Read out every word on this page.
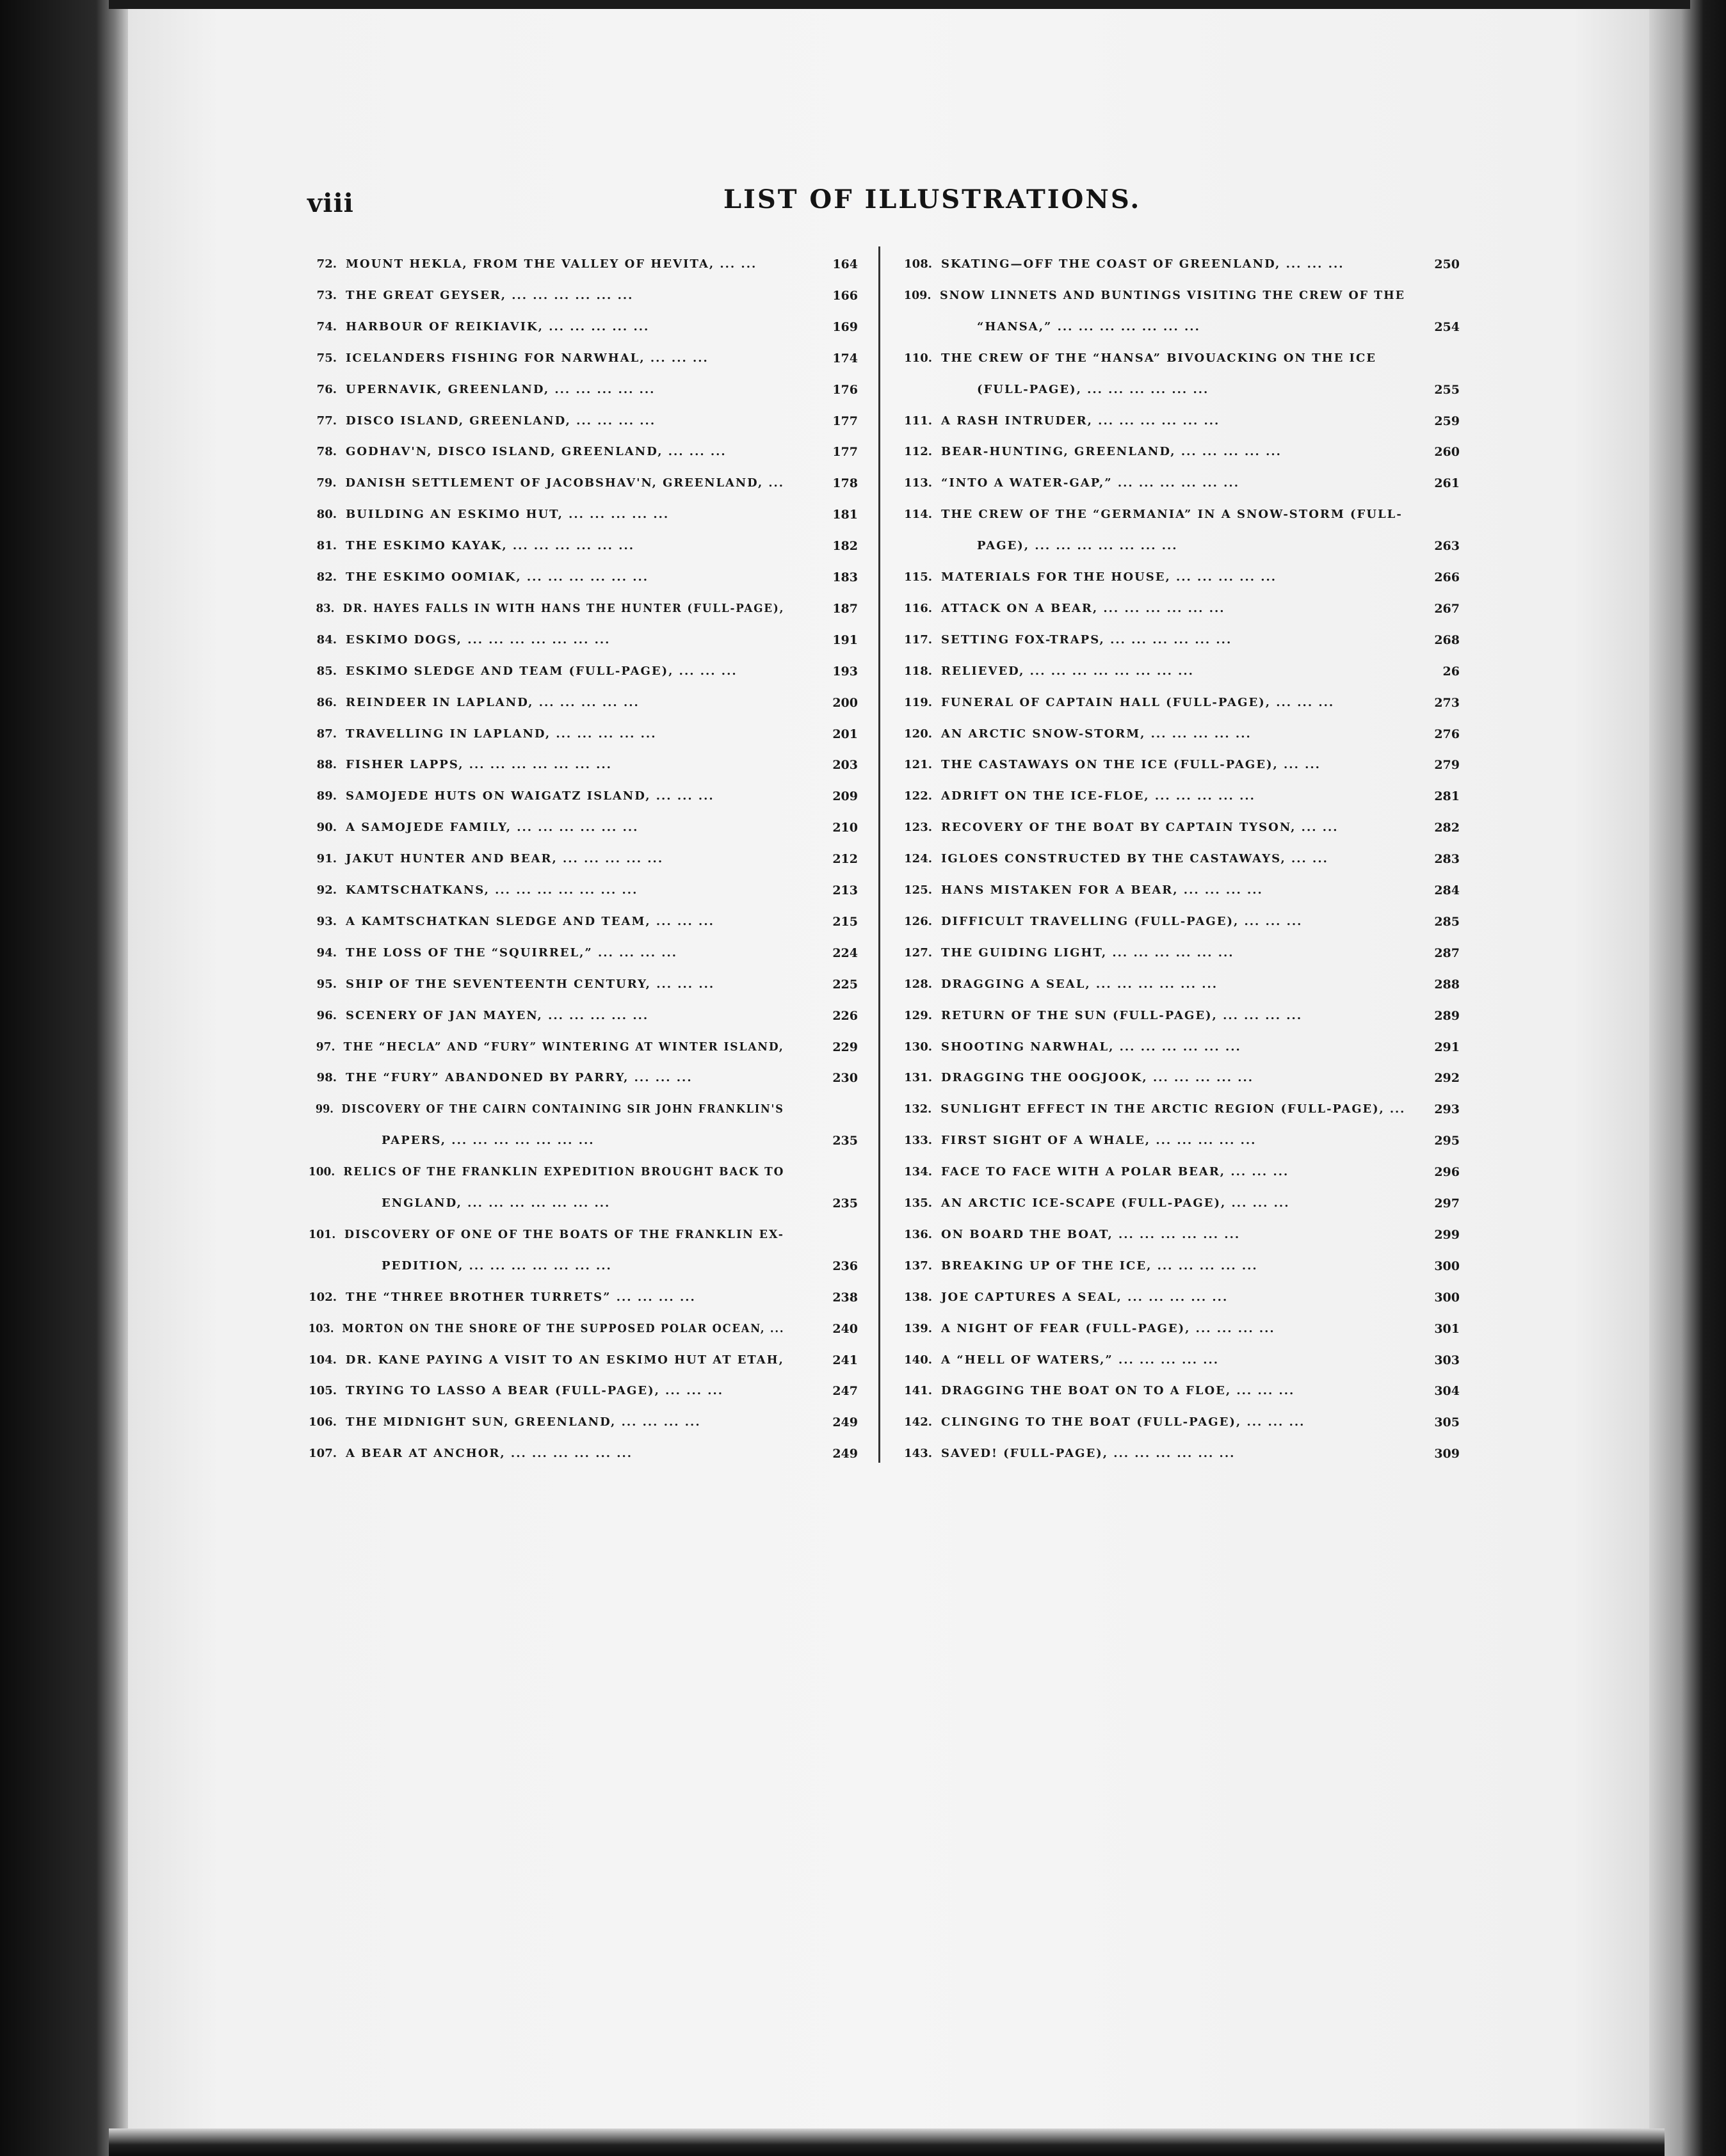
viii	LIST OF ILLUSTRATIONS.
72. MOUNT HEKLA, FROM THE VALLEY OF HEVITA, ... ...	164
73. THE GREAT GEYSER, ... ... ... ... ... ...	166
74. HARBOUR OF REIKIAVIK, ... ... ... ... ...	169
75. ICELANDERS FISHING FOR NARWHAL, ... ... ...	174
76. UPERNAVIK, GREENLAND, ... ... ... ... ...	176
77. DISCO ISLAND, GREENLAND, ... ... ... ...	177
78. GODHAV'N, DISCO ISLAND, GREENLAND, ... ... ...	177
79. DANISH SETTLEMENT OF JACOBSHAV'N, GREENLAND, ...	178
80. BUILDING AN ESKIMO HUT, ... ... ... ... ...	181
81. THE ESKIMO KAYAK, ... ... ... ... ... ...	182
82. THE ESKIMO OOMIAK, ... ... ... ... ... ...	183
83. DR. HAYES FALLS IN WITH HANS THE HUNTER (FULL-PAGE),	187
84. ESKIMO DOGS, ... ... ... ... ... ... ...	191
85. ESKIMO SLEDGE AND TEAM (FULL-PAGE), ... ... ...	193
86. REINDEER IN LAPLAND, ... ... ... ... ...	200
87. TRAVELLING IN LAPLAND, ... ... ... ... ...	201
88. FISHER LAPPS, ... ... ... ... ... ... ...	203
89. SAMOJEDE HUTS ON WAIGATZ ISLAND, ... ... ...	209
90. A SAMOJEDE FAMILY, ... ... ... ... ... ...	210
91. JAKUT HUNTER AND BEAR, ... ... ... ... ...	212
92. KAMTSCHATKANS, ... ... ... ... ... ... ...	213
93. A KAMTSCHATKAN SLEDGE AND TEAM, ... ... ...	215
94. THE LOSS OF THE “SQUIRREL,” ... ... ... ...	224
95. SHIP OF THE SEVENTEENTH CENTURY, ... ... ...	225
96. SCENERY OF JAN MAYEN, ... ... ... ... ...	226
97. THE “HECLA” AND “FURY” WINTERING AT WINTER ISLAND,	229
98. THE “FURY” ABANDONED BY PARRY, ... ... ...	230
99. DISCOVERY OF THE CAIRN CONTAINING SIR JOHN FRANKLIN'S
PAPERS, ... ... ... ... ... ... ...	235
100. RELICS OF THE FRANKLIN EXPEDITION BROUGHT BACK TO
ENGLAND, ... ... ... ... ... ... ...	235
101. DISCOVERY OF ONE OF THE BOATS OF THE FRANKLIN EX-
PEDITION, ... ... ... ... ... ... ...	236
102. THE “THREE BROTHER TURRETS” ... ... ... ...	238
103. MORTON ON THE SHORE OF THE SUPPOSED POLAR OCEAN, ...	240
104. DR. KANE PAYING A VISIT TO AN ESKIMO HUT AT ETAH,	241
105. TRYING TO LASSO A BEAR (FULL-PAGE), ... ... ...	247
106. THE MIDNIGHT SUN, GREENLAND, ... ... ... ...	249
107. A BEAR AT ANCHOR, ... ... ... ... ... ...	249
108. SKATING—OFF THE COAST OF GREENLAND, ... ... ...	250
109. SNOW LINNETS AND BUNTINGS VISITING THE CREW OF THE
“HANSA,” ... ... ... ... ... ... ...	254
110. THE CREW OF THE “HANSA” BIVOUACKING ON THE ICE
(FULL-PAGE), ... ... ... ... ... ...	255
111. A RASH INTRUDER, ... ... ... ... ... ...	259
112. BEAR-HUNTING, GREENLAND, ... ... ... ... ...	260
113. “INTO A WATER-GAP,” ... ... ... ... ... ...	261
114. THE CREW OF THE “GERMANIA” IN A SNOW-STORM (FULL-
PAGE), ... ... ... ... ... ... ...	263
115. MATERIALS FOR THE HOUSE, ... ... ... ... ...	266
116. ATTACK ON A BEAR, ... ... ... ... ... ...	267
117. SETTING FOX-TRAPS, ... ... ... ... ... ...	268
118. RELIEVED, ... ... ... ... ... ... ... ...	26
119. FUNERAL OF CAPTAIN HALL (FULL-PAGE), ... ... ...	273
120. AN ARCTIC SNOW-STORM, ... ... ... ... ...	276
121. THE CASTAWAYS ON THE ICE (FULL-PAGE), ... ...	279
122. ADRIFT ON THE ICE-FLOE, ... ... ... ... ...	281
123. RECOVERY OF THE BOAT BY CAPTAIN TYSON, ... ...	282
124. IGLOES CONSTRUCTED BY THE CASTAWAYS, ... ...	283
125. HANS MISTAKEN FOR A BEAR, ... ... ... ...	284
126. DIFFICULT TRAVELLING (FULL-PAGE), ... ... ...	285
127. THE GUIDING LIGHT, ... ... ... ... ... ...	287
128. DRAGGING A SEAL, ... ... ... ... ... ...	288
129. RETURN OF THE SUN (FULL-PAGE), ... ... ... ...	289
130. SHOOTING NARWHAL, ... ... ... ... ... ...	291
131. DRAGGING THE OOGJOOK, ... ... ... ... ...	292
132. SUNLIGHT EFFECT IN THE ARCTIC REGION (FULL-PAGE), ...	293
133. FIRST SIGHT OF A WHALE, ... ... ... ... ...	295
134. FACE TO FACE WITH A POLAR BEAR, ... ... ...	296
135. AN ARCTIC ICE-SCAPE (FULL-PAGE), ... ... ...	297
136. ON BOARD THE BOAT, ... ... ... ... ... ...	299
137. BREAKING UP OF THE ICE, ... ... ... ... ...	300
138. JOE CAPTURES A SEAL, ... ... ... ... ...	300
139. A NIGHT OF FEAR (FULL-PAGE), ... ... ... ...	301
140. A “HELL OF WATERS,” ... ... ... ... ...	303
141. DRAGGING THE BOAT ON TO A FLOE, ... ... ...	304
142. CLINGING TO THE BOAT (FULL-PAGE), ... ... ...	305
143. SAVED! (FULL-PAGE), ... ... ... ... ... ...	309
